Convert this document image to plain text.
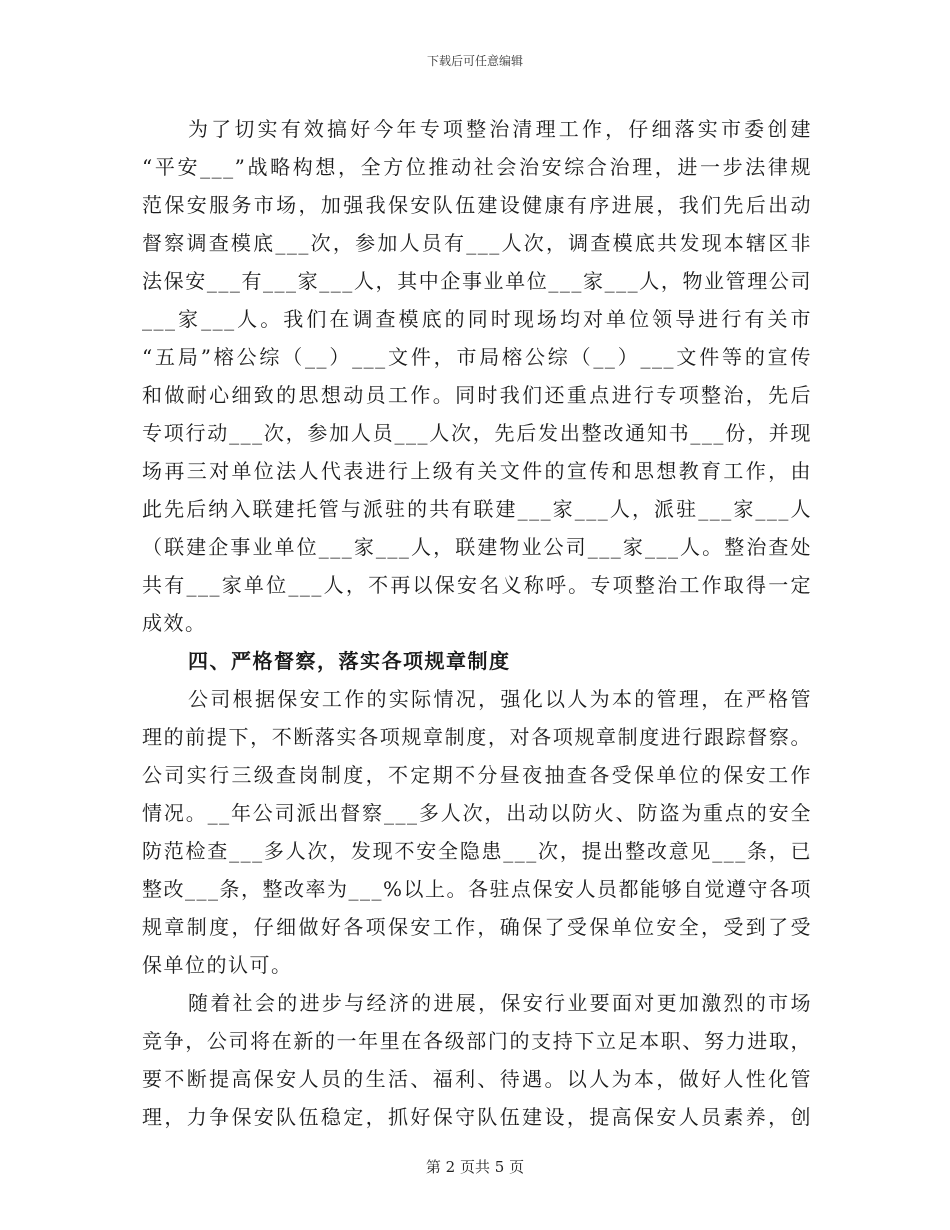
下载后可任意编辑
为了切实有效搞好今年专项整治清理工作，仔细落实市委创建
“平安___”战略构想，全方位推动社会治安综合治理，进一步法律规
范保安服务市场，加强我保安队伍建设健康有序进展，我们先后出动
督察调查模底___次，参加人员有___人次，调查模底共发现本辖区非
法保安___有___家___人，其中企事业单位___家___人，物业管理公司
___家___人。我们在调查模底的同时现场均对单位领导进行有关市
“五局”榕公综（__）___文件，市局榕公综（__）___文件等的宣传
和做耐心细致的思想动员工作。同时我们还重点进行专项整治，先后
专项行动___次，参加人员___人次，先后发出整改通知书___份，并现
场再三对单位法人代表进行上级有关文件的宣传和思想教育工作，由
此先后纳入联建托管与派驻的共有联建___家___人，派驻___家___人
（联建企事业单位___家___人，联建物业公司___家___人。整治查处
共有___家单位___人，不再以保安名义称呼。专项整治工作取得一定
成效。
四、严格督察，落实各项规章制度
公司根据保安工作的实际情况，强化以人为本的管理，在严格管
理的前提下，不断落实各项规章制度，对各项规章制度进行跟踪督察。
公司实行三级查岗制度，不定期不分昼夜抽查各受保单位的保安工作
情况。__年公司派出督察___多人次，出动以防火、防盗为重点的安全
防范检查___多人次，发现不安全隐患___次，提出整改意见___条，已
整改___条，整改率为___%以上。各驻点保安人员都能够自觉遵守各项
规章制度，仔细做好各项保安工作，确保了受保单位安全，受到了受
保单位的认可。
随着社会的进步与经济的进展，保安行业要面对更加激烈的市场
竞争，公司将在新的一年里在各级部门的支持下立足本职、努力进取，
要不断提高保安人员的生活、福利、待遇。以人为本，做好人性化管
理，力争保安队伍稳定，抓好保守队伍建设，提高保安人员素养，创
第 2 页共 5 页
